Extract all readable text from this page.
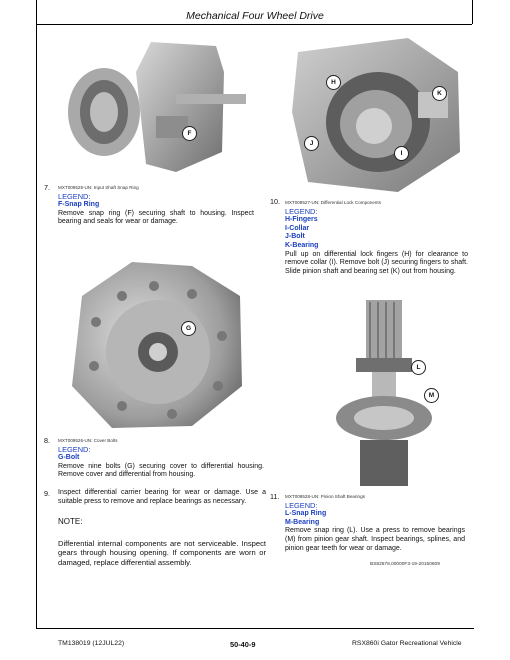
Mechanical Four Wheel Drive
F
H
K
J
I
7. MXT009525-UN: Input Shaft Snap Ring
LEGEND:
F-Snap Ring
Remove snap ring (F) securing shaft to housing. Inspect bearing and seals for wear or damage.
10. MXT009527-UN: Differential Lock Components
LEGEND:
H-Fingers
I-Collar
J-Bolt
K-Bearing
Pull up on differential lock fingers (H) for clearance to remove collar (I). Remove bolt (J) securing fingers to shaft. Slide pinion shaft and bearing set (K) out from housing.
G
L
M
8. MXT009526-UN: Cover Bolts
LEGEND:
G-Bolt
Remove nine bolts (G) securing cover to differential housing. Remove cover and differential from housing.
9. Inspect differential carrier bearing for wear or damage. Use a suitable press to remove and replace bearings as necessary.
NOTE:
Differential internal components are not serviceable. Inspect gears through housing opening. If components are worn or damaged, replace differential assembly.
11. MXT009528-UN: Pinion Shaft Bearings
LEGEND:
L-Snap Ring
M-Bearing
Remove snap ring (L). Use a press to remove bearings (M) from pinion gear shaft. Inspect bearings, splines, and pinion gear teeth for wear or damage.
BS82578,00000F3-19-20150609
TM138019 (12JUL22)	50-40-9	RSX860i Gator Recreational Vehicle
